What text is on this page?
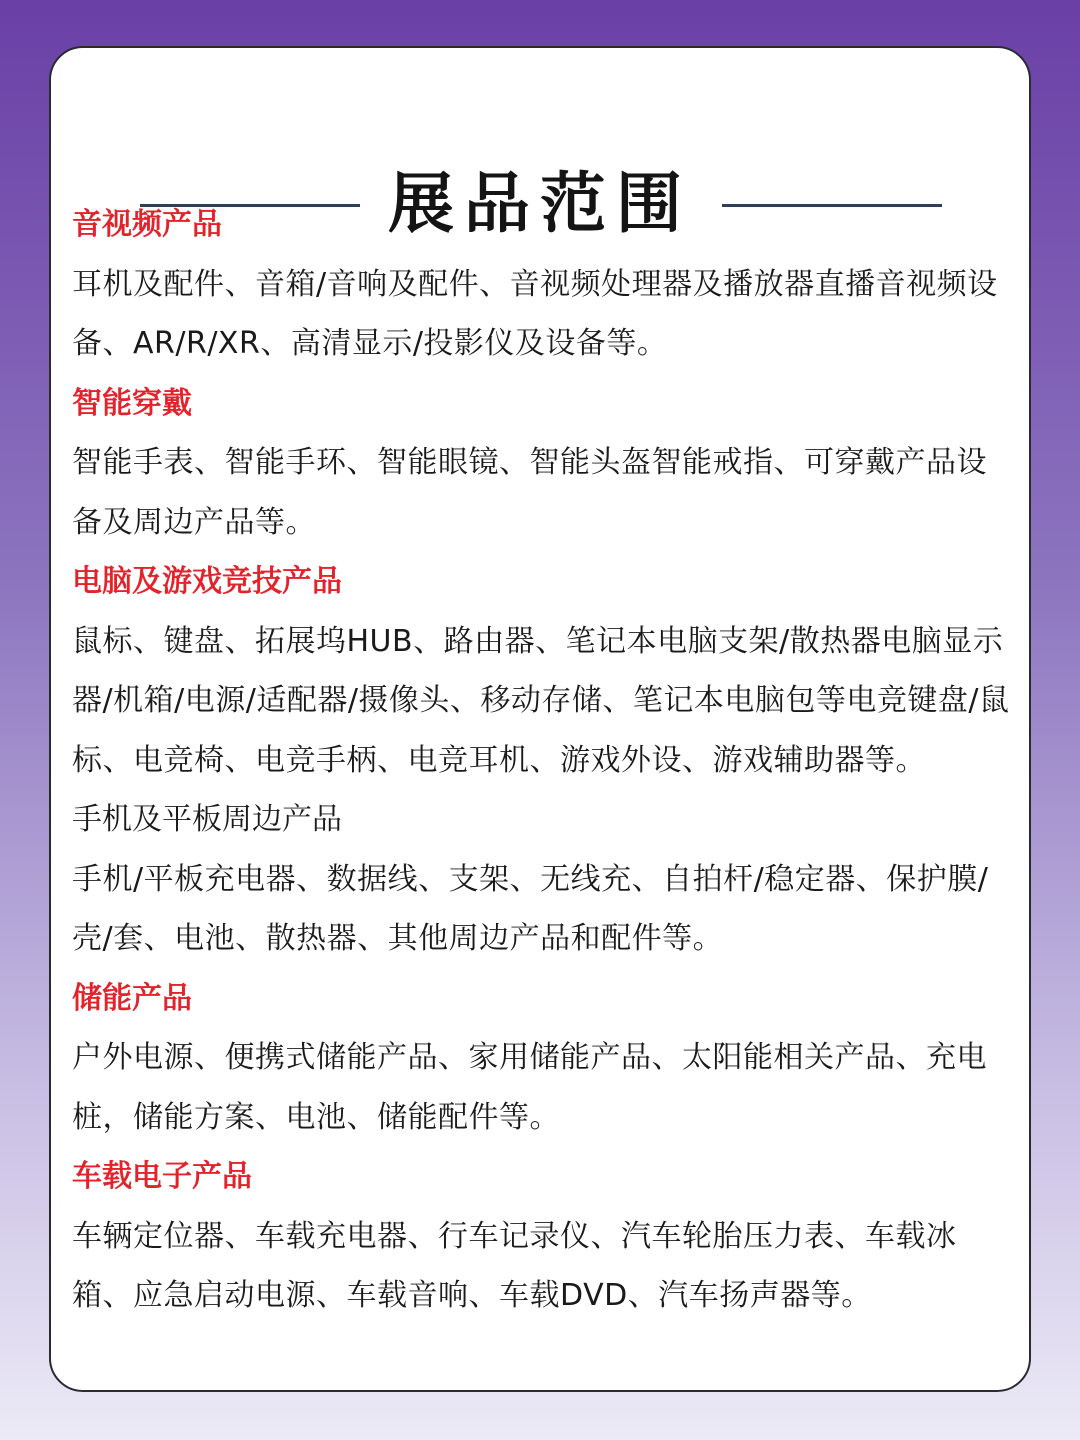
展品范围
音视频产品

耳机及配件、音箱/音响及配件、音视频处理器及播放器直播音视频设备、AR/R/XR、高清显示/投影仪及设备等。

智能穿戴

智能手表、智能手环、智能眼镜、智能头盔智能戒指、可穿戴产品设备及周边产品等。

电脑及游戏竞技产品

鼠标、键盘、拓展坞HUB、路由器、笔记本电脑支架/散热器电脑显示器/机箱/电源/适配器/摄像头、移动存储、笔记本电脑包等电竞键盘/鼠标、电竞椅、电竞手柄、电竞耳机、游戏外设、游戏辅助器等。

手机及平板周边产品

手机/平板充电器、数据线、支架、无线充、自拍杆/稳定器、保护膜/壳/套、电池、散热器、其他周边产品和配件等。

储能产品

户外电源、便携式储能产品、家用储能产品、太阳能相关产品、充电桩，储能方案、电池、储能配件等。

车载电子产品

车辆定位器、车载充电器、行车记录仪、汽车轮胎压力表、车载冰箱、应急启动电源、车载音响、车载DVD、汽车扬声器等。
